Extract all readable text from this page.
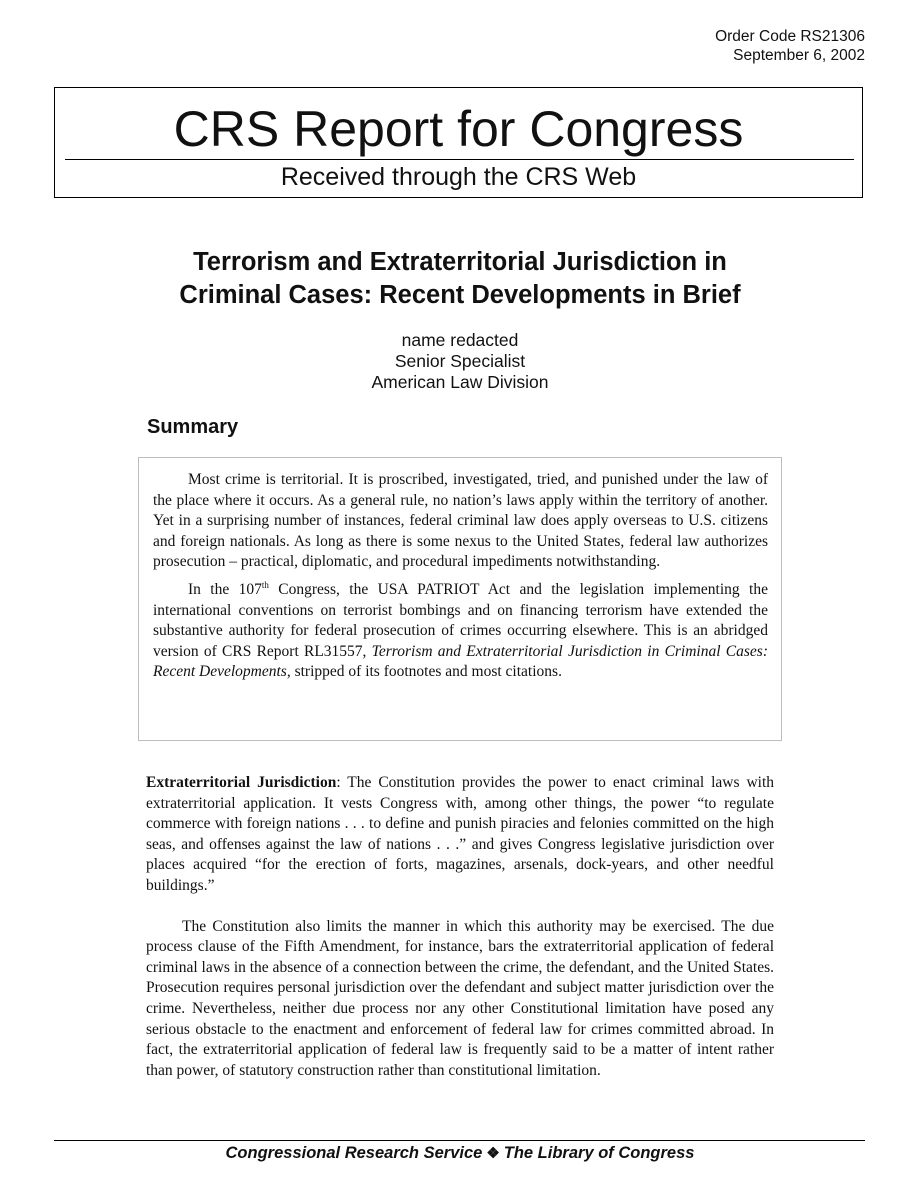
Order Code RS21306
September 6, 2002
CRS Report for Congress
Received through the CRS Web
Terrorism and Extraterritorial Jurisdiction in
Criminal Cases: Recent Developments in Brief
name redacted
Senior Specialist
American Law Division
Summary

Most crime is territorial. It is proscribed, investigated, tried, and punished under the law of the place where it occurs. As a general rule, no nation’s laws apply within the territory of another. Yet in a surprising number of instances, federal criminal law does apply overseas to U.S. citizens and foreign nationals. As long as there is some nexus to the United States, federal law authorizes prosecution – practical, diplomatic, and procedural impediments notwithstanding.

In the 107th Congress, the USA PATRIOT Act and the legislation implementing the international conventions on terrorist bombings and on financing terrorism have extended the substantive authority for federal prosecution of crimes occurring elsewhere. This is an abridged version of CRS Report RL31557, Terrorism and Extraterritorial Jurisdiction in Criminal Cases: Recent Developments, stripped of its footnotes and most citations.

Extraterritorial Jurisdiction: The Constitution provides the power to enact criminal laws with extraterritorial application. It vests Congress with, among other things, the power “to regulate commerce with foreign nations . . . to define and punish piracies and felonies committed on the high seas, and offenses against the law of nations . . .” and gives Congress legislative jurisdiction over places acquired “for the erection of forts, magazines, arsenals, dock-years, and other needful buildings.”

The Constitution also limits the manner in which this authority may be exercised. The due process clause of the Fifth Amendment, for instance, bars the extraterritorial application of federal criminal laws in the absence of a connection between the crime, the defendant, and the United States. Prosecution requires personal jurisdiction over the defendant and subject matter jurisdiction over the crime. Nevertheless, neither due process nor any other Constitutional limitation have posed any serious obstacle to the enactment and enforcement of federal law for crimes committed abroad. In fact, the extraterritorial application of federal law is frequently said to be a matter of intent rather than power, of statutory construction rather than constitutional limitation.

Congressional Research Service ❖ The Library of Congress
